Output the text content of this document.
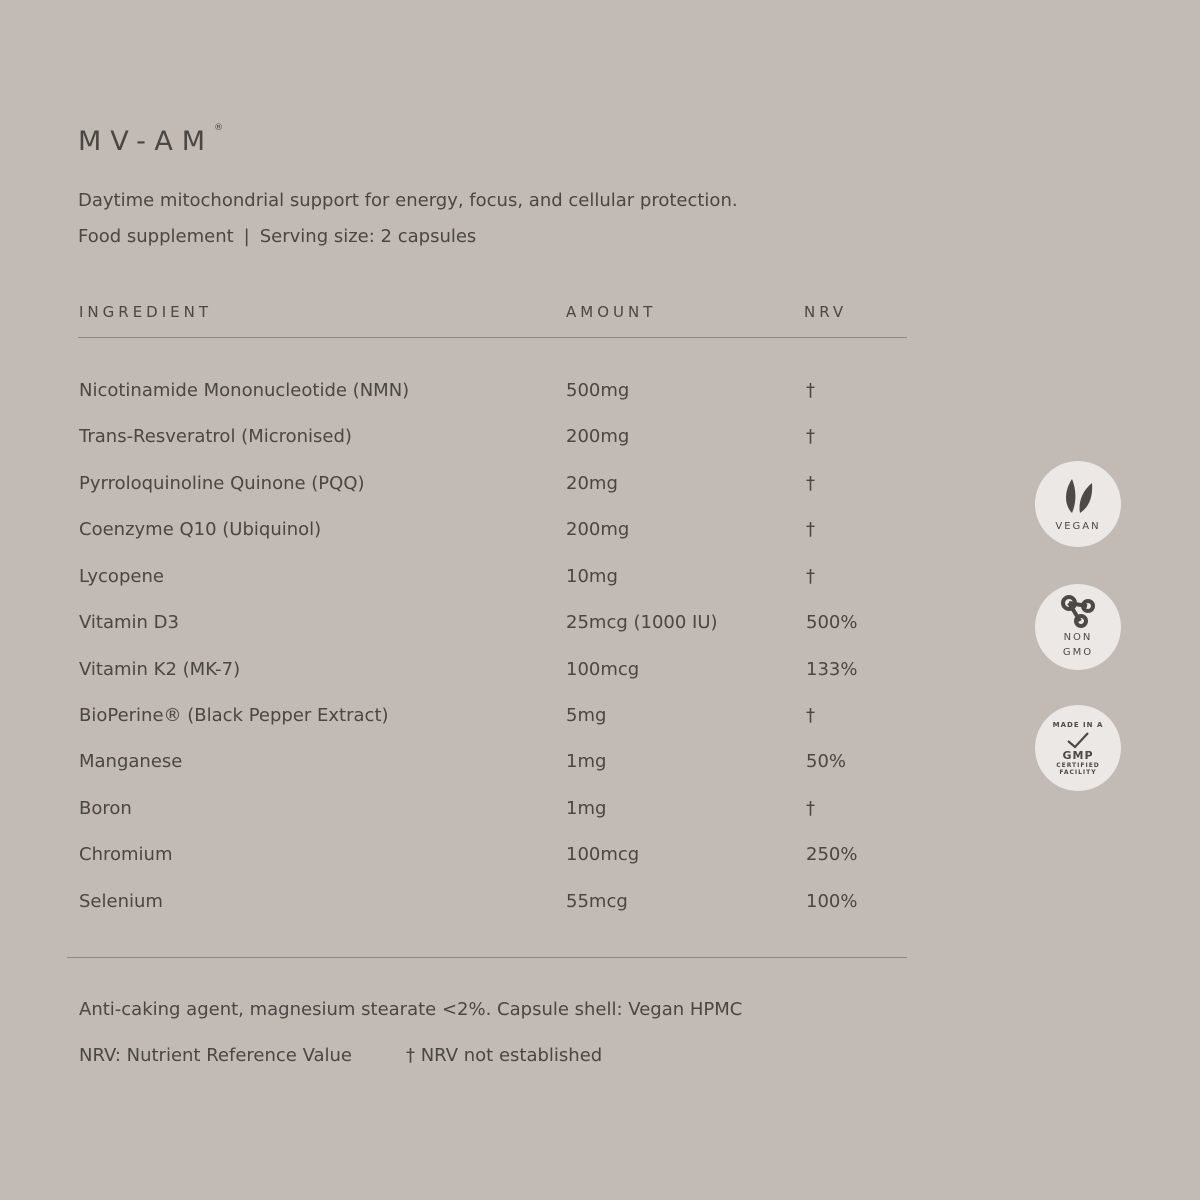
MV-AM®
Daytime mitochondrial support for energy, focus, and cellular protection.
Food supplement | Serving size: 2 capsules
INGREDIENT	AMOUNT	NRV
Nicotinamide Mononucleotide (NMN)	500mg	†
Trans-Resveratrol (Micronised)	200mg	†
Pyrroloquinoline Quinone (PQQ)	20mg	†
Coenzyme Q10 (Ubiquinol)	200mg	†
Lycopene	10mg	†
Vitamin D3	25mcg (1000 IU)	500%
Vitamin K2 (MK-7)	100mcg	133%
BioPerine® (Black Pepper Extract)	5mg	†
Manganese	1mg	50%
Boron	1mg	†
Chromium	100mcg	250%
Selenium	55mcg	100%
Anti-caking agent, magnesium stearate <2%. Capsule shell: Vegan HPMC
NRV: Nutrient Reference Value	† NRV not established
VEGAN
NON
GMO
MADE IN A
GMP
CERTIFIED
FACILITY
